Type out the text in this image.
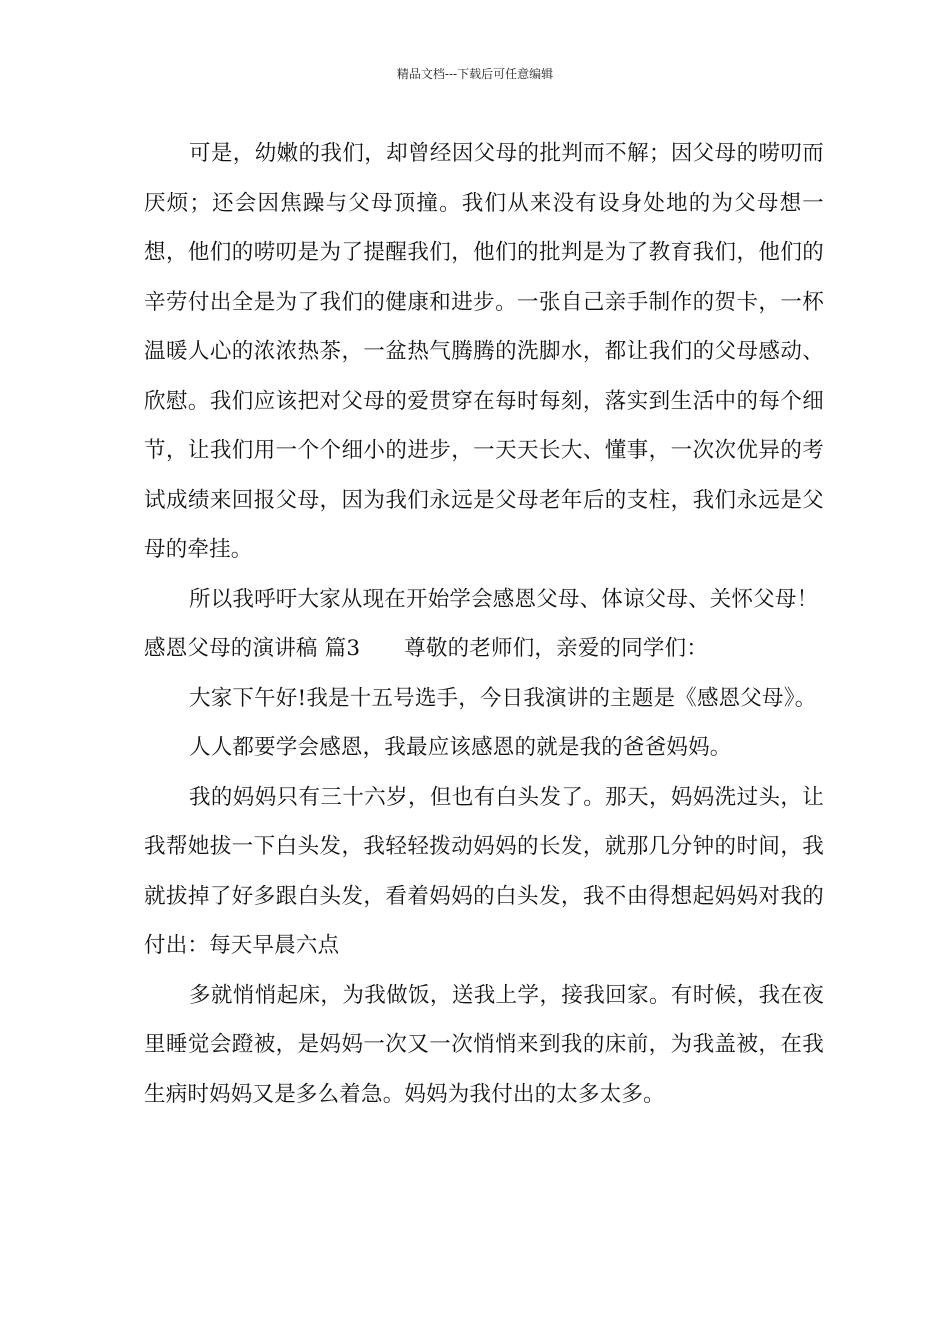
精品文档---下载后可任意编辑

可是，幼嫩的我们，却曾经因父母的批判而不解；因父母的唠叨而厌烦；还会因焦躁与父母顶撞。我们从来没有设身处地的为父母想一想，他们的唠叨是为了提醒我们，他们的批判是为了教育我们，他们的辛劳付出全是为了我们的健康和进步。一张自己亲手制作的贺卡，一杯温暖人心的浓浓热茶，一盆热气腾腾的洗脚水，都让我们的父母感动、欣慰。我们应该把对父母的爱贯穿在每时每刻，落实到生活中的每个细节，让我们用一个个细小的进步，一天天长大、懂事，一次次优异的考试成绩来回报父母，因为我们永远是父母老年后的支柱，我们永远是父母的牵挂。

所以我呼吁大家从现在开始学会感恩父母、体谅父母、关怀父母！

感恩父母的演讲稿 篇3 尊敬的老师们，亲爱的同学们：

大家下午好!我是十五号选手，今日我演讲的主题是《感恩父母》。

人人都要学会感恩，我最应该感恩的就是我的爸爸妈妈。

我的妈妈只有三十六岁，但也有白头发了。那天，妈妈洗过头，让我帮她拔一下白头发，我轻轻拨动妈妈的长发，就那几分钟的时间，我就拔掉了好多跟白头发，看着妈妈的白头发，我不由得想起妈妈对我的付出：每天早晨六点

多就悄悄起床，为我做饭，送我上学，接我回家。有时候，我在夜里睡觉会蹬被，是妈妈一次又一次悄悄来到我的床前，为我盖被，在我生病时妈妈又是多么着急。妈妈为我付出的太多太多。
